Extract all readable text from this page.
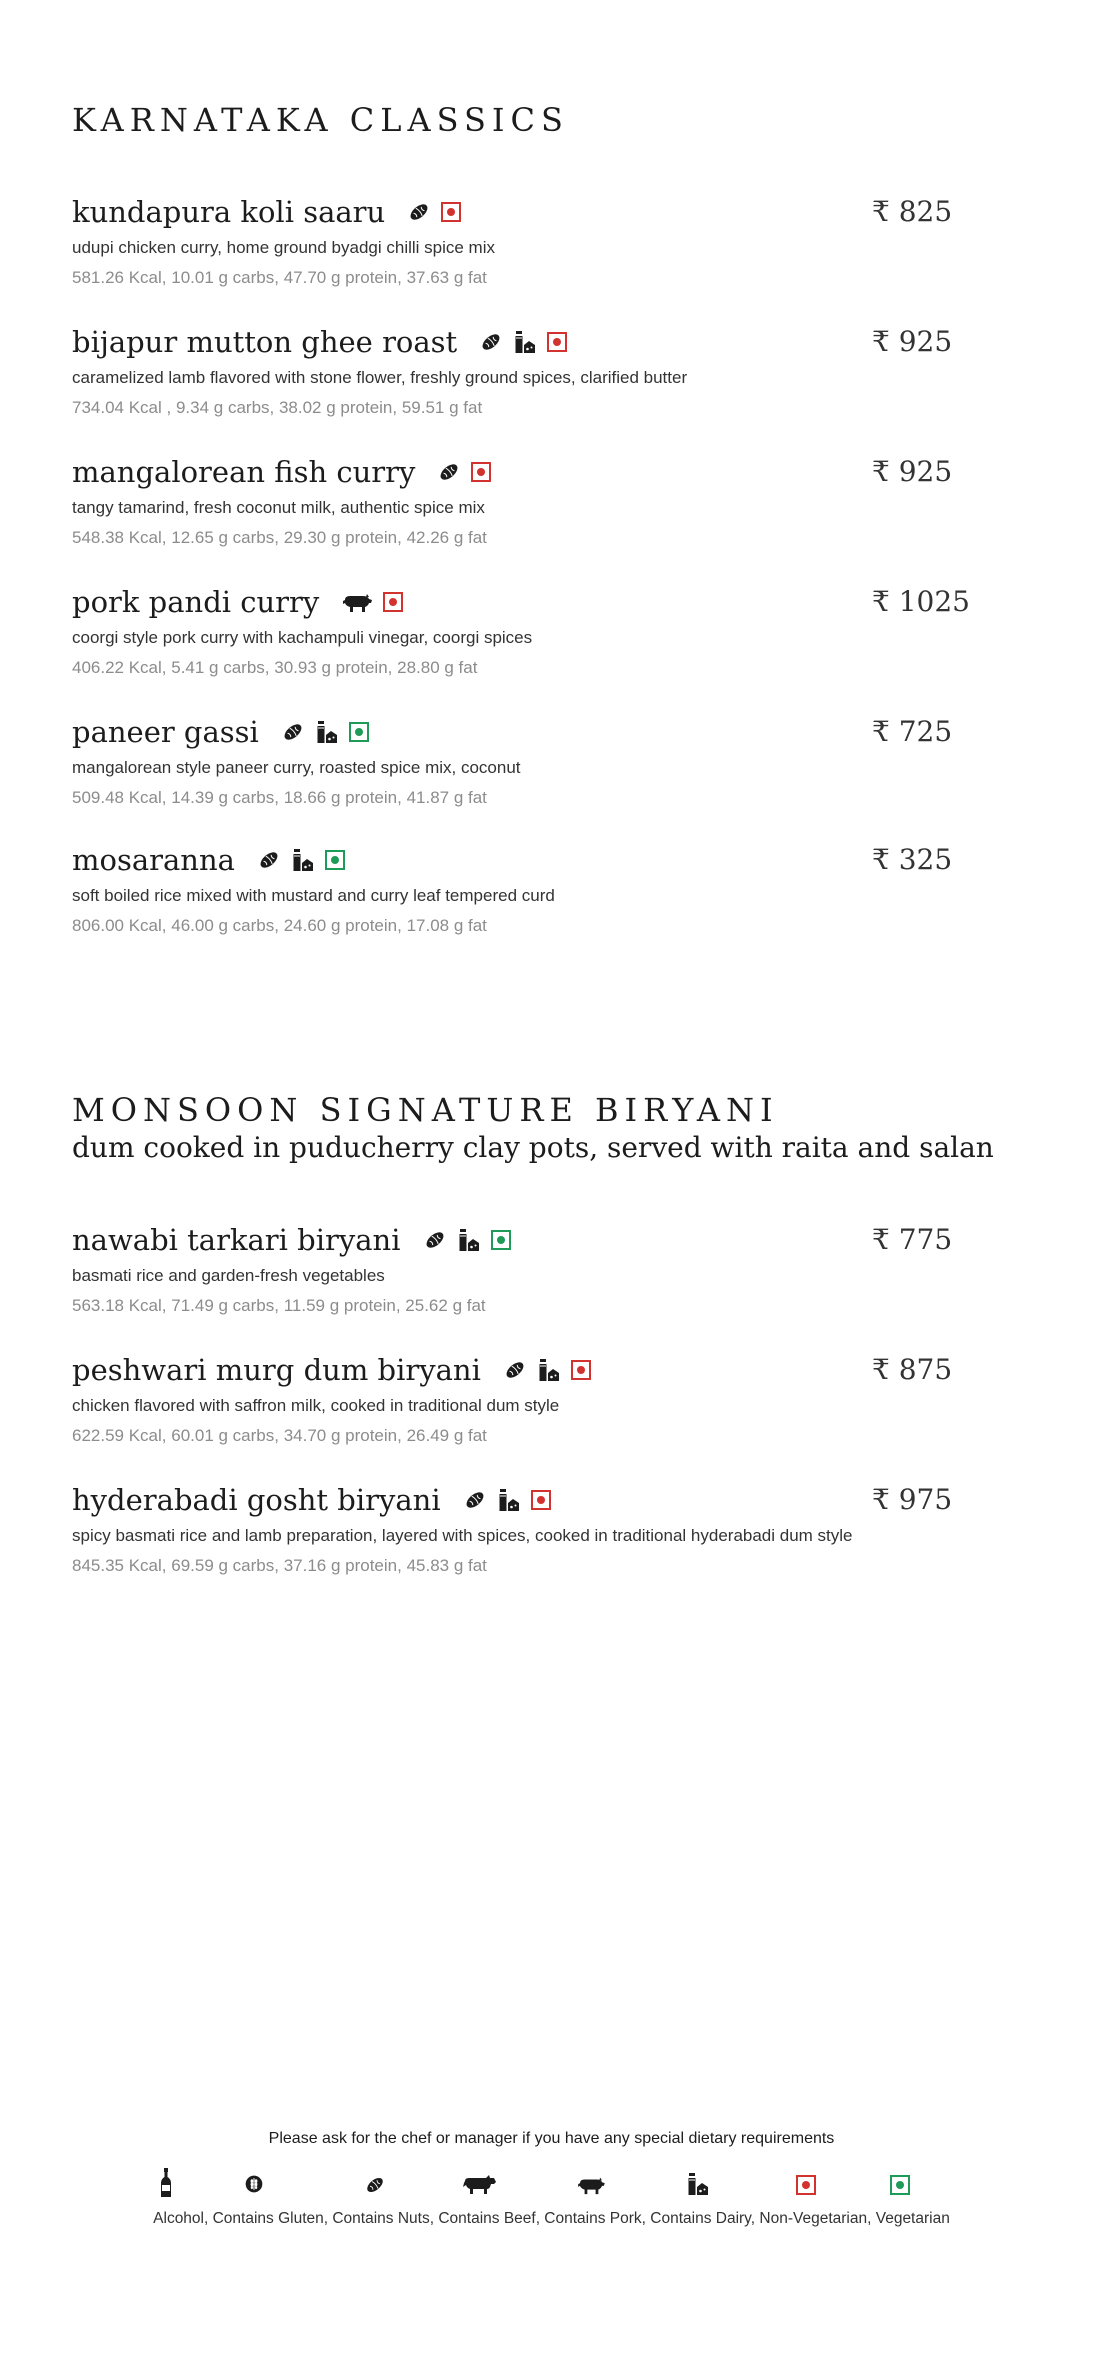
KARNATAKA CLASSICS
kundapura koli saaru	₹ 825
udupi chicken curry, home ground byadgi chilli spice mix
581.26 Kcal, 10.01 g carbs, 47.70 g protein, 37.63 g fat
bijapur mutton ghee roast	₹ 925
caramelized lamb flavored with stone flower, freshly ground spices, clarified butter
734.04 Kcal , 9.34 g carbs, 38.02 g protein, 59.51 g fat
mangalorean fish curry	₹ 925
tangy tamarind, fresh coconut milk, authentic spice mix
548.38 Kcal, 12.65 g carbs, 29.30 g protein, 42.26 g fat
pork pandi curry	₹ 1025
coorgi style pork curry with kachampuli vinegar, coorgi spices
406.22 Kcal, 5.41 g carbs, 30.93 g protein, 28.80 g fat
paneer gassi	₹ 725
mangalorean style paneer curry, roasted spice mix, coconut
509.48 Kcal, 14.39 g carbs, 18.66 g protein, 41.87 g fat
mosaranna	₹ 325
soft boiled rice mixed with mustard and curry leaf tempered curd
806.00 Kcal, 46.00 g carbs, 24.60 g protein, 17.08 g fat
MONSOON SIGNATURE BIRYANI

dum cooked in puducherry clay pots, served with raita and salan

nawabi tarkari biryani	₹ 775
basmati rice and garden-fresh vegetables
563.18 Kcal, 71.49 g carbs, 11.59 g protein, 25.62 g fat
peshwari murg dum biryani	₹ 875
chicken flavored with saffron milk, cooked in traditional dum style
622.59 Kcal, 60.01 g carbs, 34.70 g protein, 26.49 g fat
hyderabadi gosht biryani	₹ 975
spicy basmati rice and lamb preparation, layered with spices, cooked in traditional hyderabadi dum style
845.35 Kcal, 69.59 g carbs, 37.16 g protein, 45.83 g fat
Please ask for the chef or manager if you have any special dietary requirements
Alcohol, Contains Gluten, Contains Nuts, Contains Beef, Contains Pork, Contains Dairy, Non-Vegetarian, Vegetarian
